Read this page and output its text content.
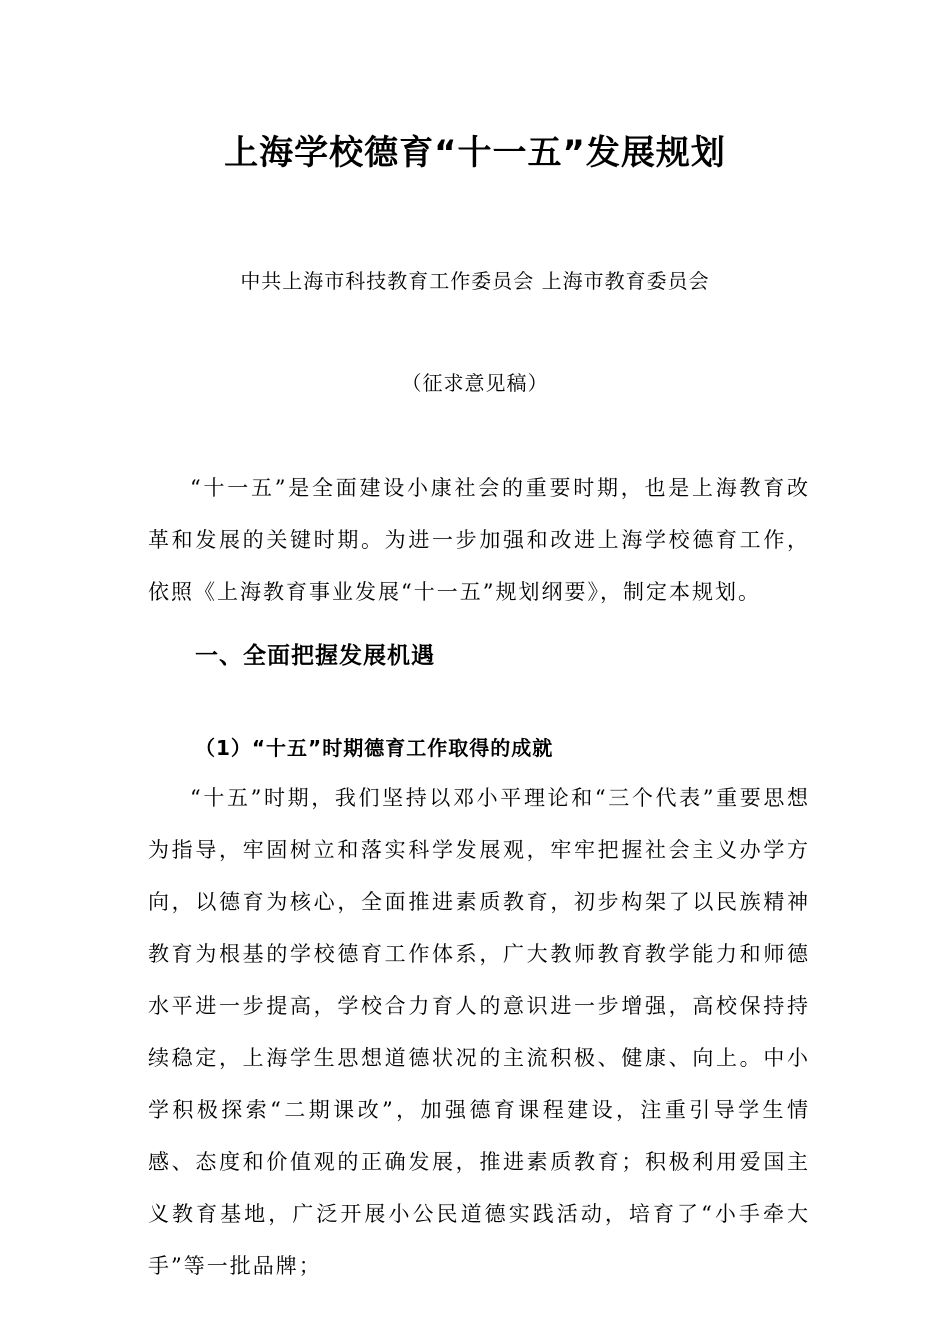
上海学校德育“十一五”发展规划
中共上海市科技教育工作委员会 上海市教育委员会
（征求意见稿）

“十一五”是全面建设小康社会的重要时期，也是上海教育改革和发展的关键时期。为进一步加强和改进上海学校德育工作，依照《上海教育事业发展“十一五”规划纲要》，制定本规划。

一、全面把握发展机遇
（1）“十五”时期德育工作取得的成就

“十五”时期，我们坚持以邓小平理论和“三个代表”重要思想为指导，牢固树立和落实科学发展观，牢牢把握社会主义办学方向，以德育为核心，全面推进素质教育，初步构架了以民族精神教育为根基的学校德育工作体系，广大教师教育教学能力和师德水平进一步提高，学校合力育人的意识进一步增强，高校保持持续稳定，上海学生思想道德状况的主流积极、健康、向上。中小学积极探索“二期课改”，加强德育课程建设，注重引导学生情感、态度和价值观的正确发展，推进素质教育；积极利用爱国主义教育基地，广泛开展小公民道德实践活动，培育了“小手牵大手”等一批品牌；
